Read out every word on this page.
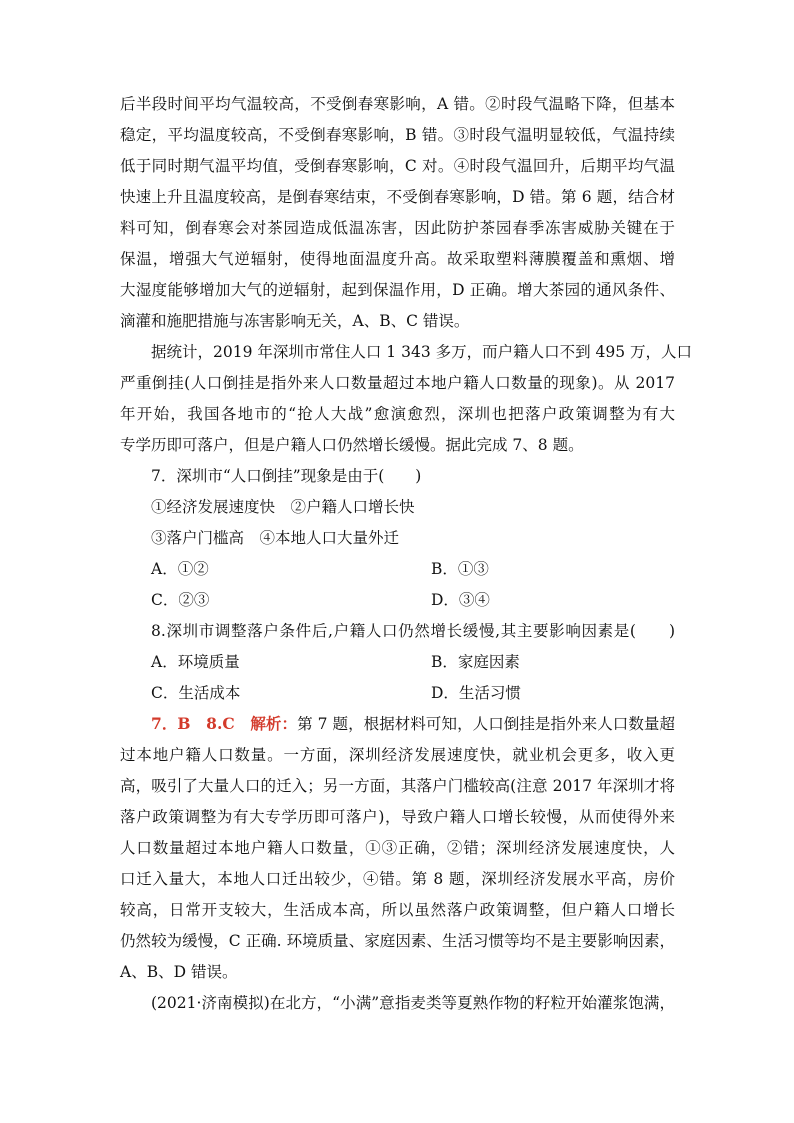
后半段时间平均气温较高，不受倒春寒影响，A 错。②时段气温略下降，但基本
稳定，平均温度较高，不受倒春寒影响，B 错。③时段气温明显较低，气温持续
低于同时期气温平均值，受倒春寒影响，C 对。④时段气温回升，后期平均气温
快速上升且温度较高，是倒春寒结束，不受倒春寒影响，D 错。第 6 题，结合材
料可知，倒春寒会对茶园造成低温冻害，因此防护茶园春季冻害威胁关键在于
保温，增强大气逆辐射，使得地面温度升高。故采取塑料薄膜覆盖和熏烟、增
大湿度能够增加大气的逆辐射，起到保温作用，D 正确。增大茶园的通风条件、
滴灌和施肥措施与冻害影响无关，A、B、C 错误。
据统计，2019 年深圳市常住人口 1 343 多万，而户籍人口不到 495 万，人口
严重倒挂(人口倒挂是指外来人口数量超过本地户籍人口数量的现象)。从 2017
年开始，我国各地市的“抢人大战”愈演愈烈，深圳也把落户政策调整为有大
专学历即可落户，但是户籍人口仍然增长缓慢。据此完成 7、8 题。
7．深圳市“人口倒挂”现象是由于(　　)
①经济发展速度快　②户籍人口增长快
③落户门槛高　④本地人口大量外迁
A．①②	B．①③
C．②③	D．③④
8.深圳市调整落户条件后,户籍人口仍然增长缓慢,其主要影响因素是(　　)
A．环境质量	B．家庭因素
C．生活成本	D．生活习惯
7．B　8.C　解析：第 7 题，根据材料可知，人口倒挂是指外来人口数量超
过本地户籍人口数量。一方面，深圳经济发展速度快，就业机会更多，收入更
高，吸引了大量人口的迁入；另一方面，其落户门槛较高(注意 2017 年深圳才将
落户政策调整为有大专学历即可落户)，导致户籍人口增长较慢，从而使得外来
人口数量超过本地户籍人口数量，①③正确，②错；深圳经济发展速度快，人
口迁入量大，本地人口迁出较少，④错。第 8 题，深圳经济发展水平高，房价
较高，日常开支较大，生活成本高，所以虽然落户政策调整，但户籍人口增长
仍然较为缓慢，C 正确. 环境质量、家庭因素、生活习惯等均不是主要影响因素，
A、B、D 错误。
(2021·济南模拟)在北方，“小满”意指麦类等夏熟作物的籽粒开始灌浆饱满，
